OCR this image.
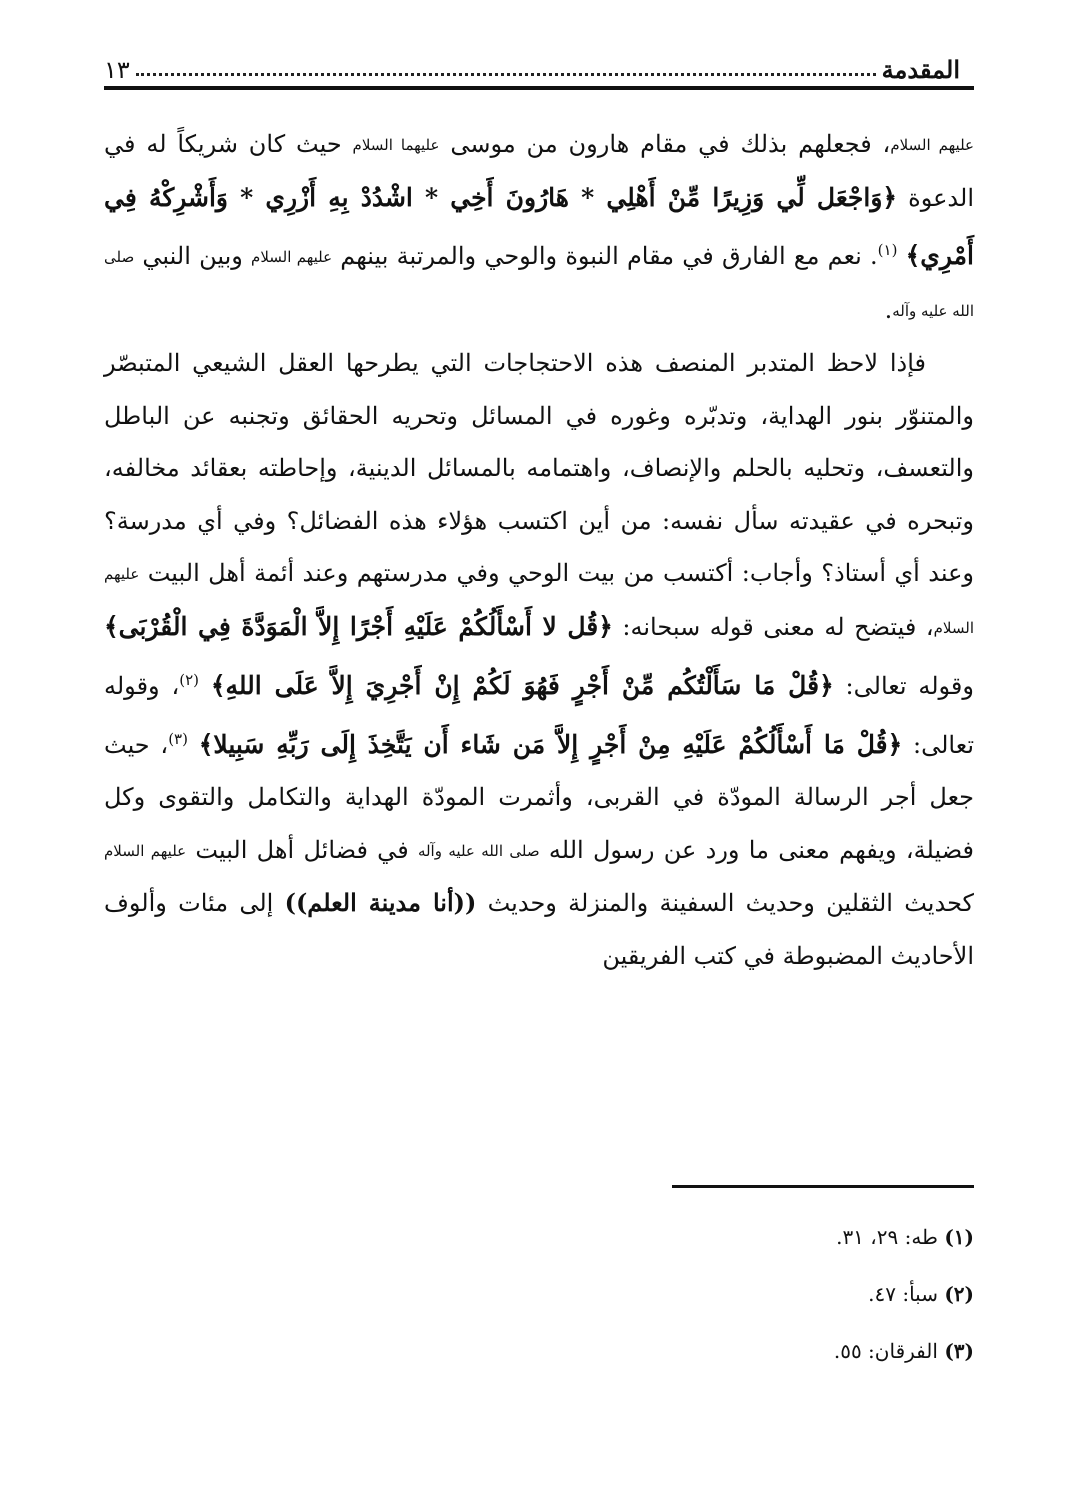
المقدمة
١٣

عليهم السلام، فجعلهم بذلك في مقام هارون من موسى عليهما السلام حيث كان شريكاً له في الدعوة ﴿وَاجْعَل لِّي وَزِيرًا مِّنْ أَهْلِي * هَارُونَ أَخِي * اشْدُدْ بِهِ أَزْرِي * وَأَشْرِكْهُ فِي أَمْرِي﴾ $^{(١)}$. نعم مع الفارق في مقام النبوة والوحي والمرتبة بينهم عليهم السلام وبين النبي صلى الله عليه وآله.

فإذا لاحظ المتدبر المنصف هذه الاحتجاجات التي يطرحها العقل الشيعي المتبصّر والمتنوّر بنور الهداية، وتدبّره وغوره في المسائل وتحريه الحقائق وتجنبه عن الباطل والتعسف، وتحليه بالحلم والإنصاف، واهتمامه بالمسائل الدينية، وإحاطته بعقائد مخالفه، وتبحره في عقيدته سأل نفسه: من أين اكتسب هؤلاء هذه الفضائل؟ وفي أي مدرسة؟ وعند أي أستاذ؟ وأجاب: أكتسب من بيت الوحي وفي مدرستهم وعند أئمة أهل البيت عليهم السلام، فيتضح له معنى قوله سبحانه: ﴿قُل لا أَسْأَلُكُمْ عَلَيْهِ أَجْرًا إِلاَّ الْمَوَدَّةَ فِي الْقُرْبَى﴾ وقوله تعالى: ﴿قُلْ مَا سَأَلْتُكُم مِّنْ أَجْرٍ فَهُوَ لَكُمْ إِنْ أَجْرِيَ إِلاَّ عَلَى اللهِ﴾ $^{(٢)}$، وقوله تعالى: ﴿قُلْ مَا أَسْأَلُكُمْ عَلَيْهِ مِنْ أَجْرٍ إِلاَّ مَن شَاء أَن يَتَّخِذَ إِلَى رَبِّهِ سَبِيلا﴾ $^{(٣)}$، حيث جعل أجر الرسالة المودّة في القربى، وأثمرت المودّة الهداية والتكامل والتقوى وكل فضيلة، ويفهم معنى ما ورد عن رسول الله صلى الله عليه وآله في فضائل أهل البيت عليهم السلام كحديث الثقلين وحديث السفينة والمنزلة وحديث ((أنا مدينة العلم)) إلى مئات وألوف الأحاديث المضبوطة في كتب الفريقين

(١) طه: ٢٩، ٣١.

(٢) سبأ: ٤٧.

(٣) الفرقان: ٥٥.
